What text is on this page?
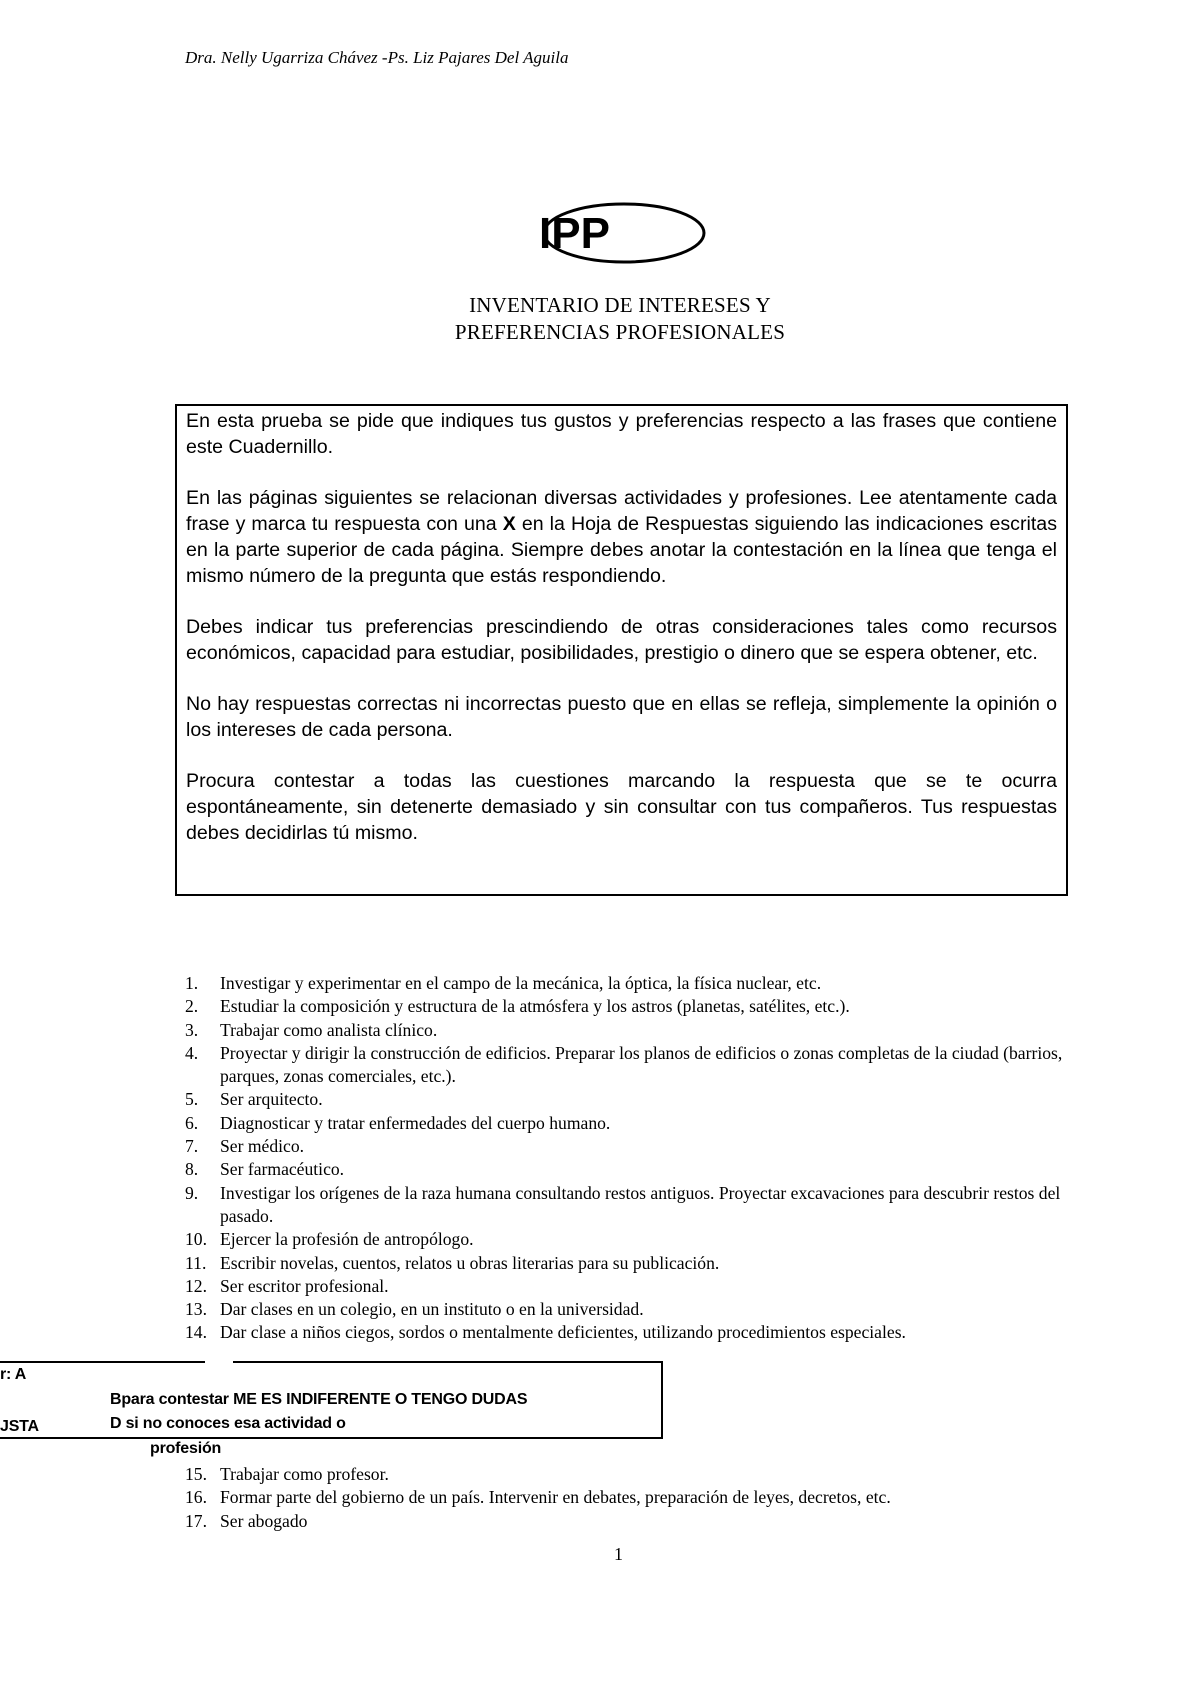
Dra. Nelly Ugarriza Chávez -Ps. Liz Pajares Del Aguila
IPP
INVENTARIO DE INTERESES Y
PREFERENCIAS PROFESIONALES

En esta prueba se pide que indiques tus gustos y preferencias respecto a las frases que contiene este Cuadernillo.

En las páginas siguientes se relacionan diversas actividades y profesiones. Lee atentamente cada frase y marca tu respuesta con una X en la Hoja de Respuestas siguiendo las indicaciones escritas en la parte superior de cada página. Siempre debes anotar la contestación en la línea que tenga el mismo número de la pregunta que estás respondiendo.

Debes indicar tus preferencias prescindiendo de otras consideraciones tales como recursos económicos, capacidad para estudiar, posibilidades, prestigio o dinero que se espera obtener, etc.

No hay respuestas correctas ni incorrectas puesto que en ellas se refleja, simplemente la opinión o los intereses de cada persona.

Procura contestar a todas las cuestiones marcando la respuesta que se te ocurra espontáneamente, sin detenerte demasiado y sin consultar con tus compañeros. Tus respuestas debes decidirlas tú mismo.

1.	Investigar y experimentar en el campo de la mecánica, la óptica, la física nuclear, etc.
2.	Estudiar la composición y estructura de la atmósfera y los astros (planetas, satélites, etc.).
3.	Trabajar como analista clínico.
4.	Proyectar y dirigir la construcción de edificios. Preparar los planos de edificios o zonas completas de la ciudad (barrios, parques, zonas comerciales, etc.).
5.	Ser arquitecto.
6.	Diagnosticar y tratar enfermedades del cuerpo humano.
7.	Ser médico.
8.	Ser farmacéutico.
9.	Investigar los orígenes de la raza humana consultando restos antiguos. Proyectar excavaciones para descubrir restos del pasado.
10. Ejercer la profesión de antropólogo.
11. Escribir novelas, cuentos, relatos u obras literarias para su publicación.
12. Ser escritor profesional.
13. Dar clases en un colegio, en un instituto o en la universidad.
14. Dar clase a niños ciegos, sordos o mentalmente deficientes, utilizando procedimientos especiales.
r: A
JSTA
Bpara contestar ME ES INDIFERENTE O TENGO DUDAS
D si no conoces esa actividad o
profesión
15. Trabajar como profesor.
16. Formar parte del gobierno de un país. Intervenir en debates, preparación de leyes, decretos, etc.
17. Ser abogado
1
